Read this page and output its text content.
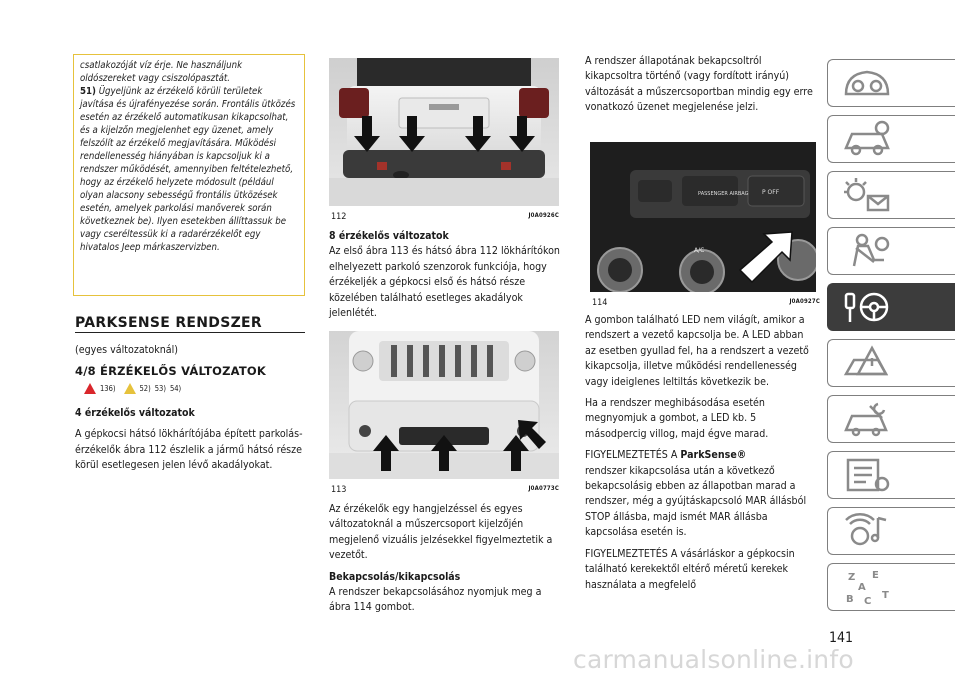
csatlakozóját víz érje. Ne használjunk oldószereket vagy csiszolópasztát.

51) Ügyeljünk az érzékelő körüli területek javítása és újrafényezése során. Frontális ütközés esetén az érzékelő automatikusan kikapcsolhat, és a kijelzőn megjelenhet egy üzenet, amely felszólít az érzékelő megjavítására. Működési rendellenesség hiányában is kapcsoljuk ki a rendszer működését, amennyiben feltételezhető, hogy az érzékelő helyzete módosult (például olyan alacsony sebességű frontális ütközések esetén, amelyek parkolási manőverek során következnek be). Ilyen esetekben állíttassuk be vagy cseréltessük ki a radarérzékelőt egy hivatalos Jeep márkaszervizben.

PARKSENSE RENDSZER
(egyes változatoknál)
4/8 ÉRZÉKELŐS VÁLTOZATOK
136)	52) 53) 54)

4 érzékelős változatok

A gépkocsi hátsó lökhárítójába épített parkolás-érzékelők ábra 112 észlelik a jármű hátsó része körül esetlegesen jelen lévő akadályokat.

112	J0A0926C

8 érzékelős változatok

Az első ábra 113 és hátsó ábra 112 lökhárítókon elhelyezett parkoló szenzorok funkciója, hogy érzékeljék a gépkocsi első és hátsó része közelében található esetleges akadályok jelenlétét.

113	J0A0773C

Az érzékelők egy hangjelzéssel és egyes változatoknál a műszercsoport kijelzőjén megjelenő vizuális jelzésekkel figyelmeztetik a vezetőt.

Bekapcsolás/kikapcsolás

A rendszer bekapcsolásához nyomjuk meg a ábra 114 gombot.

A rendszer állapotának bekapcsoltról kikapcsoltra történő (vagy fordított irányú) változását a műszercsoportban mindig egy erre vonatkozó üzenet megjelenése jelzi.

PASSENGER AIRBAG P OFF
A/C
114	J0A0927C

A gombon található LED nem világít, amikor a rendszert a vezető kapcsolja be. A LED abban az esetben gyullad fel, ha a rendszert a vezető kikapcsolja, illetve működési rendellenesség vagy ideiglenes leltiltás következik be.

Ha a rendszer meghibásodása esetén megnyomjuk a gombot, a LED kb. 5 másodpercig villog, majd égve marad.

FIGYELMEZTETÉS A ParkSense®

rendszer kikapcsolása után a következő bekapcsolásig ebben az állapotban marad a rendszer, még a gyújtáskapcsoló MAR állásból STOP állásba, majd ismét MAR állásba kapcsolása esetén is.

FIGYELMEZTETÉS A vásárláskor a gépkocsin található kerekektől eltérő méretű kerekek használata a megfelelő

Z E
A
B C
T
141
carmanualsonline.info
